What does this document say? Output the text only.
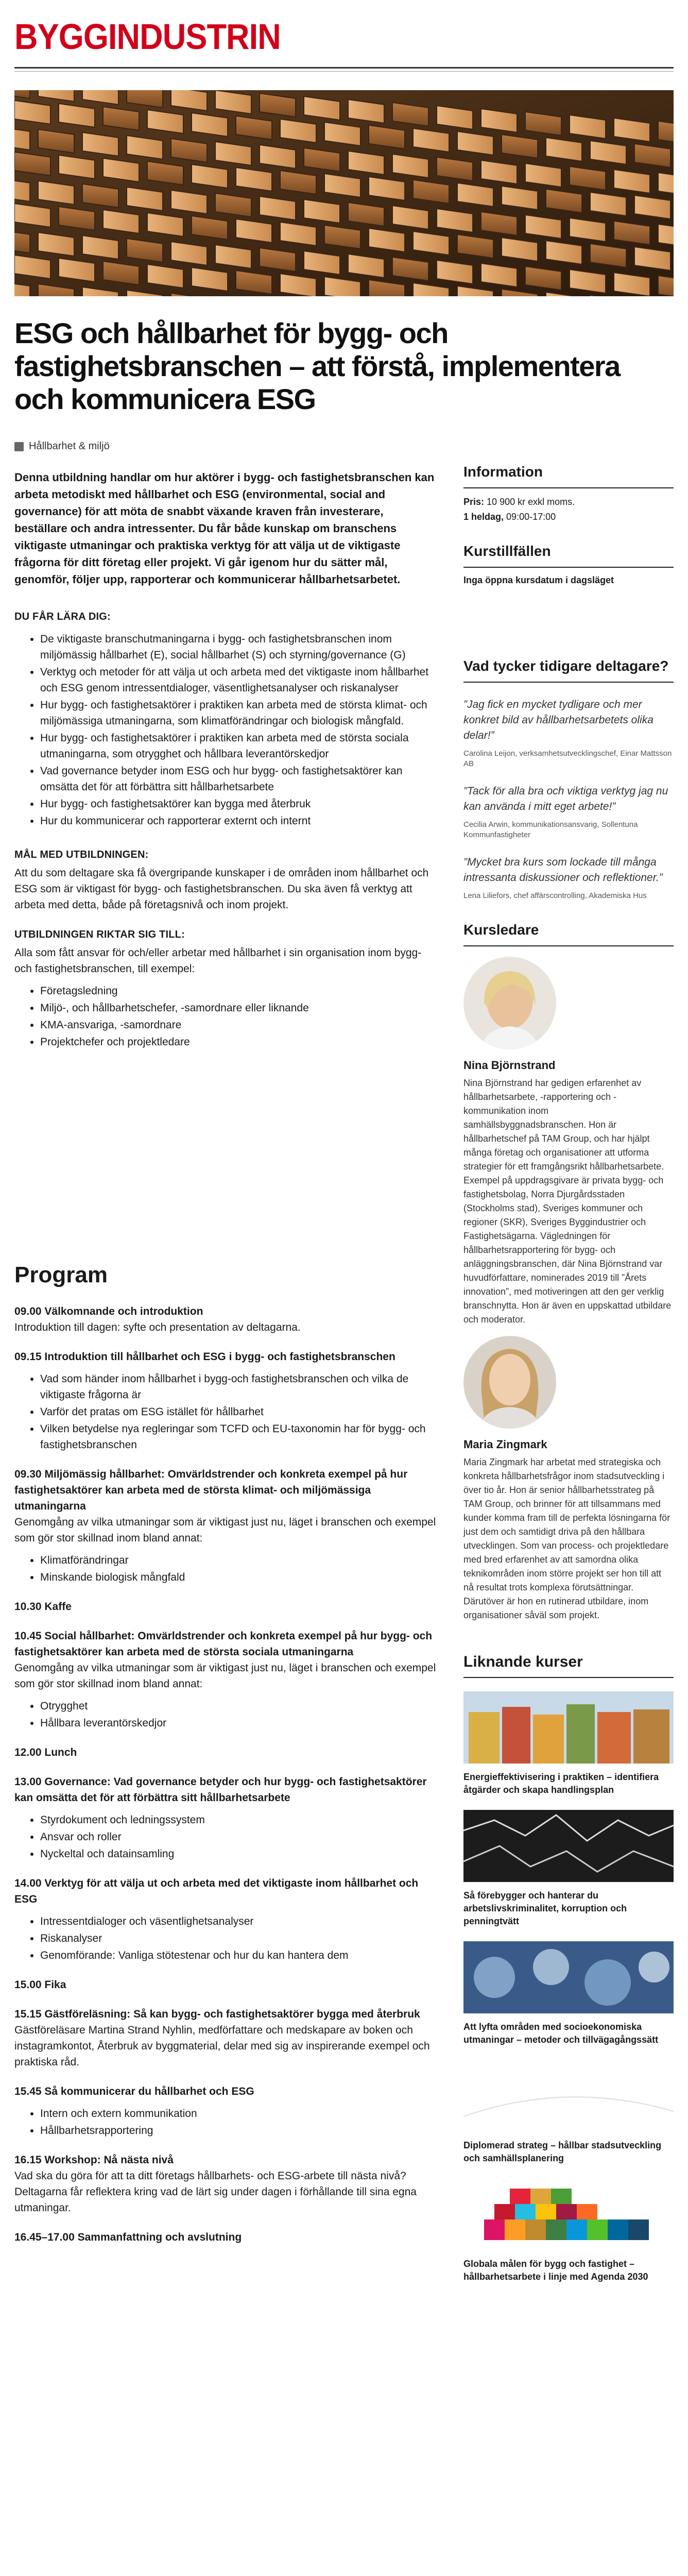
BYGGINDUSTRIN
ESG och hållbarhet för bygg- och fastighetsbranschen – att förstå, implementera och kommunicera ESG
Hållbarhet & miljö

Denna utbildning handlar om hur aktörer i bygg- och fastighetsbranschen kan arbeta metodiskt med hållbarhet och ESG (environmental, social and governance) för att möta de snabbt växande kraven från investerare, beställare och andra intressenter. Du får både kunskap om branschens viktigaste utmaningar och praktiska verktyg för att välja ut de viktigaste frågorna för ditt företag eller projekt. Vi går igenom hur du sätter mål, genomför, följer upp, rapporterar och kommunicerar hållbarhetsarbetet.

DU FÅR LÄRA DIG:
• De viktigaste branschutmaningarna i bygg- och fastighetsbranschen inom miljömässig hållbarhet (E), social hållbarhet (S) och styrning/governance (G)
• Verktyg och metoder för att välja ut och arbeta med det viktigaste inom hållbarhet och ESG genom intressentdialoger, väsentlighetsanalyser och riskanalyser
• Hur bygg- och fastighetsaktörer i praktiken kan arbeta med de största klimat- och miljömässiga utmaningarna, som klimatförändringar och biologisk mångfald.
• Hur bygg- och fastighetsaktörer i praktiken kan arbeta med de största sociala utmaningarna, som otrygghet och hållbara leverantörskedjor
• Vad governance betyder inom ESG och hur bygg- och fastighetsaktörer kan omsätta det för att förbättra sitt hållbarhetsarbete
• Hur bygg- och fastighetsaktörer kan bygga med återbruk
• Hur du kommunicerar och rapporterar externt och internt
MÅL MED UTBILDNINGEN:

Att du som deltagare ska få övergripande kunskaper i de områden inom hållbarhet och ESG som är viktigast för bygg- och fastighetsbranschen. Du ska även få verktyg att arbeta med detta, både på företagsnivå och inom projekt.

UTBILDNINGEN RIKTAR SIG TILL:

Alla som fått ansvar för och/eller arbetar med hållbarhet i sin organisation inom bygg- och fastighetsbranschen, till exempel:

• Företagsledning
• Miljö-, och hållbarhetschefer, -samordnare eller liknande
• KMA-ansvariga, -samordnare
• Projektchefer och projektledare
Program
09.00 Välkomnande och introduktion
Introduktion till dagen: syfte och presentation av deltagarna.
09.15 Introduktion till hållbarhet och ESG i bygg- och fastighetsbranschen
• Vad som händer inom hållbarhet i bygg-och fastighetsbranschen och vilka de viktigaste frågorna är
• Varför det pratas om ESG istället för hållbarhet
• Vilken betydelse nya regleringar som TCFD och EU-taxonomin har för bygg- och fastighetsbranschen
09.30 Miljömässig hållbarhet: Omvärldstrender och konkreta exempel på hur fastighetsaktörer kan arbeta med de största klimat- och miljömässiga utmaningarna
Genomgång av vilka utmaningar som är viktigast just nu, läget i branschen och exempel som gör stor skillnad inom bland annat:
• Klimatförändringar
• Minskande biologisk mångfald
10.30 Kaffe
10.45 Social hållbarhet: Omvärldstrender och konkreta exempel på hur bygg- och fastighetsaktörer kan arbeta med de största sociala utmaningarna
Genomgång av vilka utmaningar som är viktigast just nu, läget i branschen och exempel som gör stor skillnad inom bland annat:
• Otrygghet
• Hållbara leverantörskedjor
12.00 Lunch
13.00 Governance: Vad governance betyder och hur bygg- och fastighetsaktörer kan omsätta det för att förbättra sitt hållbarhetsarbete
• Styrdokument och ledningssystem
• Ansvar och roller
• Nyckeltal och datainsamling
14.00 Verktyg för att välja ut och arbeta med det viktigaste inom hållbarhet och ESG
• Intressentdialoger och väsentlighetsanalyser
• Riskanalyser
• Genomförande: Vanliga stötestenar och hur du kan hantera dem
15.00 Fika
15.15 Gästföreläsning: Så kan bygg- och fastighetsaktörer bygga med återbruk
Gästföreläsare Martina Strand Nyhlin, medförfattare och medskapare av boken och instagramkontot, Återbruk av byggmaterial, delar med sig av inspirerande exempel och praktiska råd.
15.45 Så kommunicerar du hållbarhet och ESG
• Intern och extern kommunikation
• Hållbarhetsrapportering
16.15 Workshop: Nå nästa nivå
Vad ska du göra för att ta ditt företags hållbarhets- och ESG-arbete till nästa nivå? Deltagarna får reflektera kring vad de lärt sig under dagen i förhållande till sina egna utmaningar.
16.45–17.00 Sammanfattning och avslutning
Information
Pris: 10 900 kr exkl moms.
1 heldag, 09:00-17:00
Kurstillfällen
Inga öppna kursdatum i dagsläget
Vad tycker tidigare deltagare?
”Jag fick en mycket tydligare och mer konkret bild av hållbarhetsarbetets olika delar!”
Carolina Leijon, verksamhetsutvecklingschef, Einar Mattsson AB
”Tack för alla bra och viktiga verktyg jag nu kan använda i mitt eget arbete!”
Cecilia Arwin, kommunikationsansvarig, Sollentuna Kommunfastigheter
”Mycket bra kurs som lockade till många intressanta diskussioner och reflektioner.”
Lena Liliefors, chef affärscontrolling, Akademiska Hus
Kursledare
Nina Björnstrand
Nina Björnstrand har gedigen erfarenhet av hållbarhetsarbete, -rapportering och -kommunikation inom samhällsbyggnadsbranschen. Hon är hållbarhetschef på TAM Group, och har hjälpt många företag och organisationer att utforma strategier för ett framgångsrikt hållbarhetsarbete. Exempel på uppdragsgivare är privata bygg- och fastighetsbolag, Norra Djurgårdsstaden (Stockholms stad), Sveriges kommuner och regioner (SKR), Sveriges Byggindustrier och Fastighetsägarna. Vägledningen för hållbarhetsrapportering för bygg- och anläggningsbranschen, där Nina Björnstrand var huvudförfattare, nominerades 2019 till ”Årets innovation”, med motiveringen att den ger verklig branschnytta. Hon är även en uppskattad utbildare och moderator.
Maria Zingmark
Maria Zingmark har arbetat med strategiska och konkreta hållbarhetsfrågor inom stadsutveckling i över tio år. Hon är senior hållbarhetsstrateg på TAM Group, och brinner för att tillsammans med kunder komma fram till de perfekta lösningarna för just dem och samtidigt driva på den hållbara utvecklingen. Som van process- och projektledare med bred erfarenhet av att samordna olika teknikområden inom större projekt ser hon till att nå resultat trots komplexa förutsättningar. Därutöver är hon en rutinerad utbildare, inom organisationer såväl som projekt.
Liknande kurser
Energieffektivisering i praktiken – identifiera åtgärder och skapa handlingsplan
Så förebygger och hanterar du arbetslivskriminalitet, korruption och penningtvätt
Att lyfta områden med socioekonomiska utmaningar – metoder och tillvägagångssätt
Diplomerad strateg – hållbar stadsutveckling och samhällsplanering
Globala målen för bygg och fastighet – hållbarhetsarbete i linje med Agenda 2030
